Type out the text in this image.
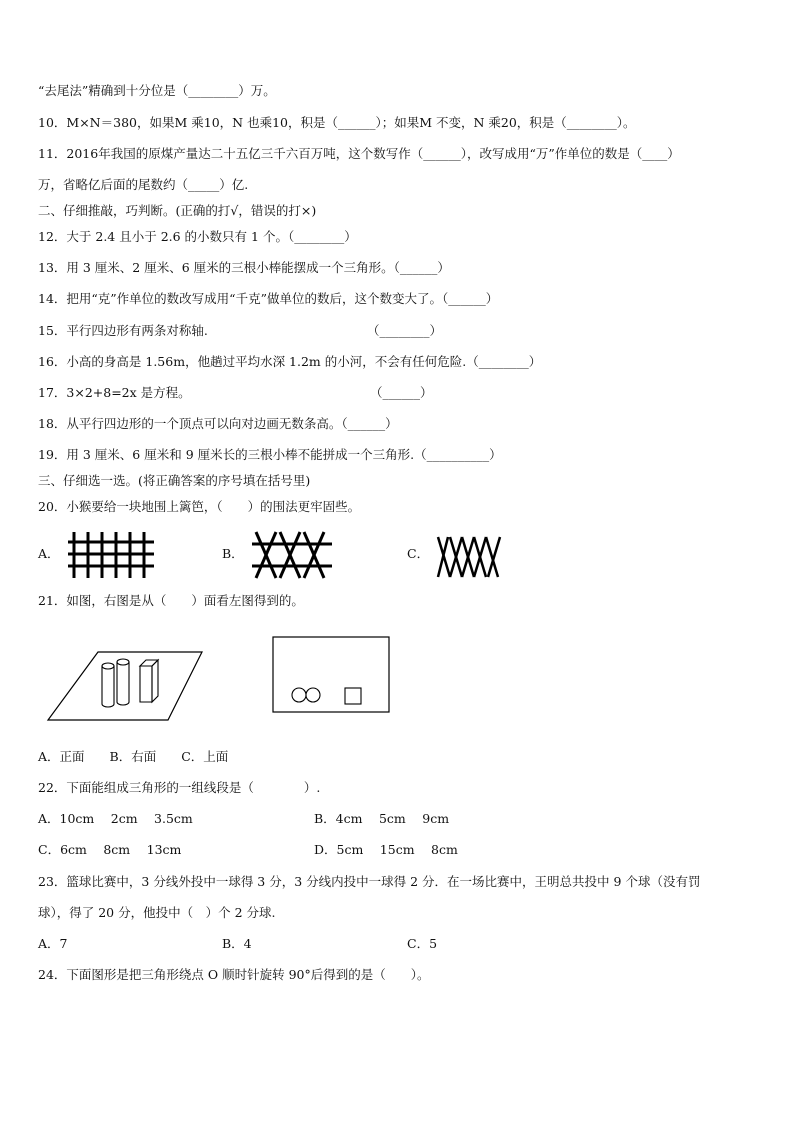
“去尾法”精确到十分位是（________）万。
10．M×N＝380，如果M 乘10，N 也乘10，积是（______）；如果M 不变，N 乘20，积是（________）。
11．2016年我国的原煤产量达二十五亿三千六百万吨，这个数写作（______），改写成用“万”作单位的数是（____）
万，省略亿后面的尾数约（_____）亿.
二、仔细推敲，巧判断。(正确的打√，错误的打×)
12．大于 2.4 且小于 2.6 的小数只有 1 个。（________）
13．用 3 厘米、2 厘米、6 厘米的三根小棒能摆成一个三角形。（______）
14．把用“克”作单位的数改写成用“千克”做单位的数后，这个数变大了。（______）
15．平行四边形有两条对称轴.	（________）
16．小高的身高是 1.56m，他趟过平均水深 1.2m 的小河，不会有任何危险.（________）
17．3×2+8=2x 是方程。	（______）
18．从平行四边形的一个顶点可以向对边画无数条高。（______）
19．用 3 厘米、6 厘米和 9 厘米长的三根小棒不能拼成一个三角形.（__________）
三、仔细选一选。(将正确答案的序号填在括号里)
20．小猴要给一块地围上篱笆，（　　）的围法更牢固些。
A．	B．	C．
21．如图，右图是从（　　）面看左图得到的。
A．正面　　B．右面　　C．上面
22．下面能组成三角形的一组线段是（　　　　）.
A．10cm　 2cm　 3.5cm	B．4cm　 5cm　 9cm
C．6cm　 8cm　 13cm	D．5cm　 15cm　 8cm
23．篮球比赛中，3 分线外投中一球得 3 分，3 分线内投中一球得 2 分．在一场比赛中，王明总共投中 9 个球（没有罚
球），得了 20 分，他投中（　）个 2 分球.
A．7	B．4	C．5
24．下面图形是把三角形绕点 O 顺时针旋转 90°后得到的是（　　）。
